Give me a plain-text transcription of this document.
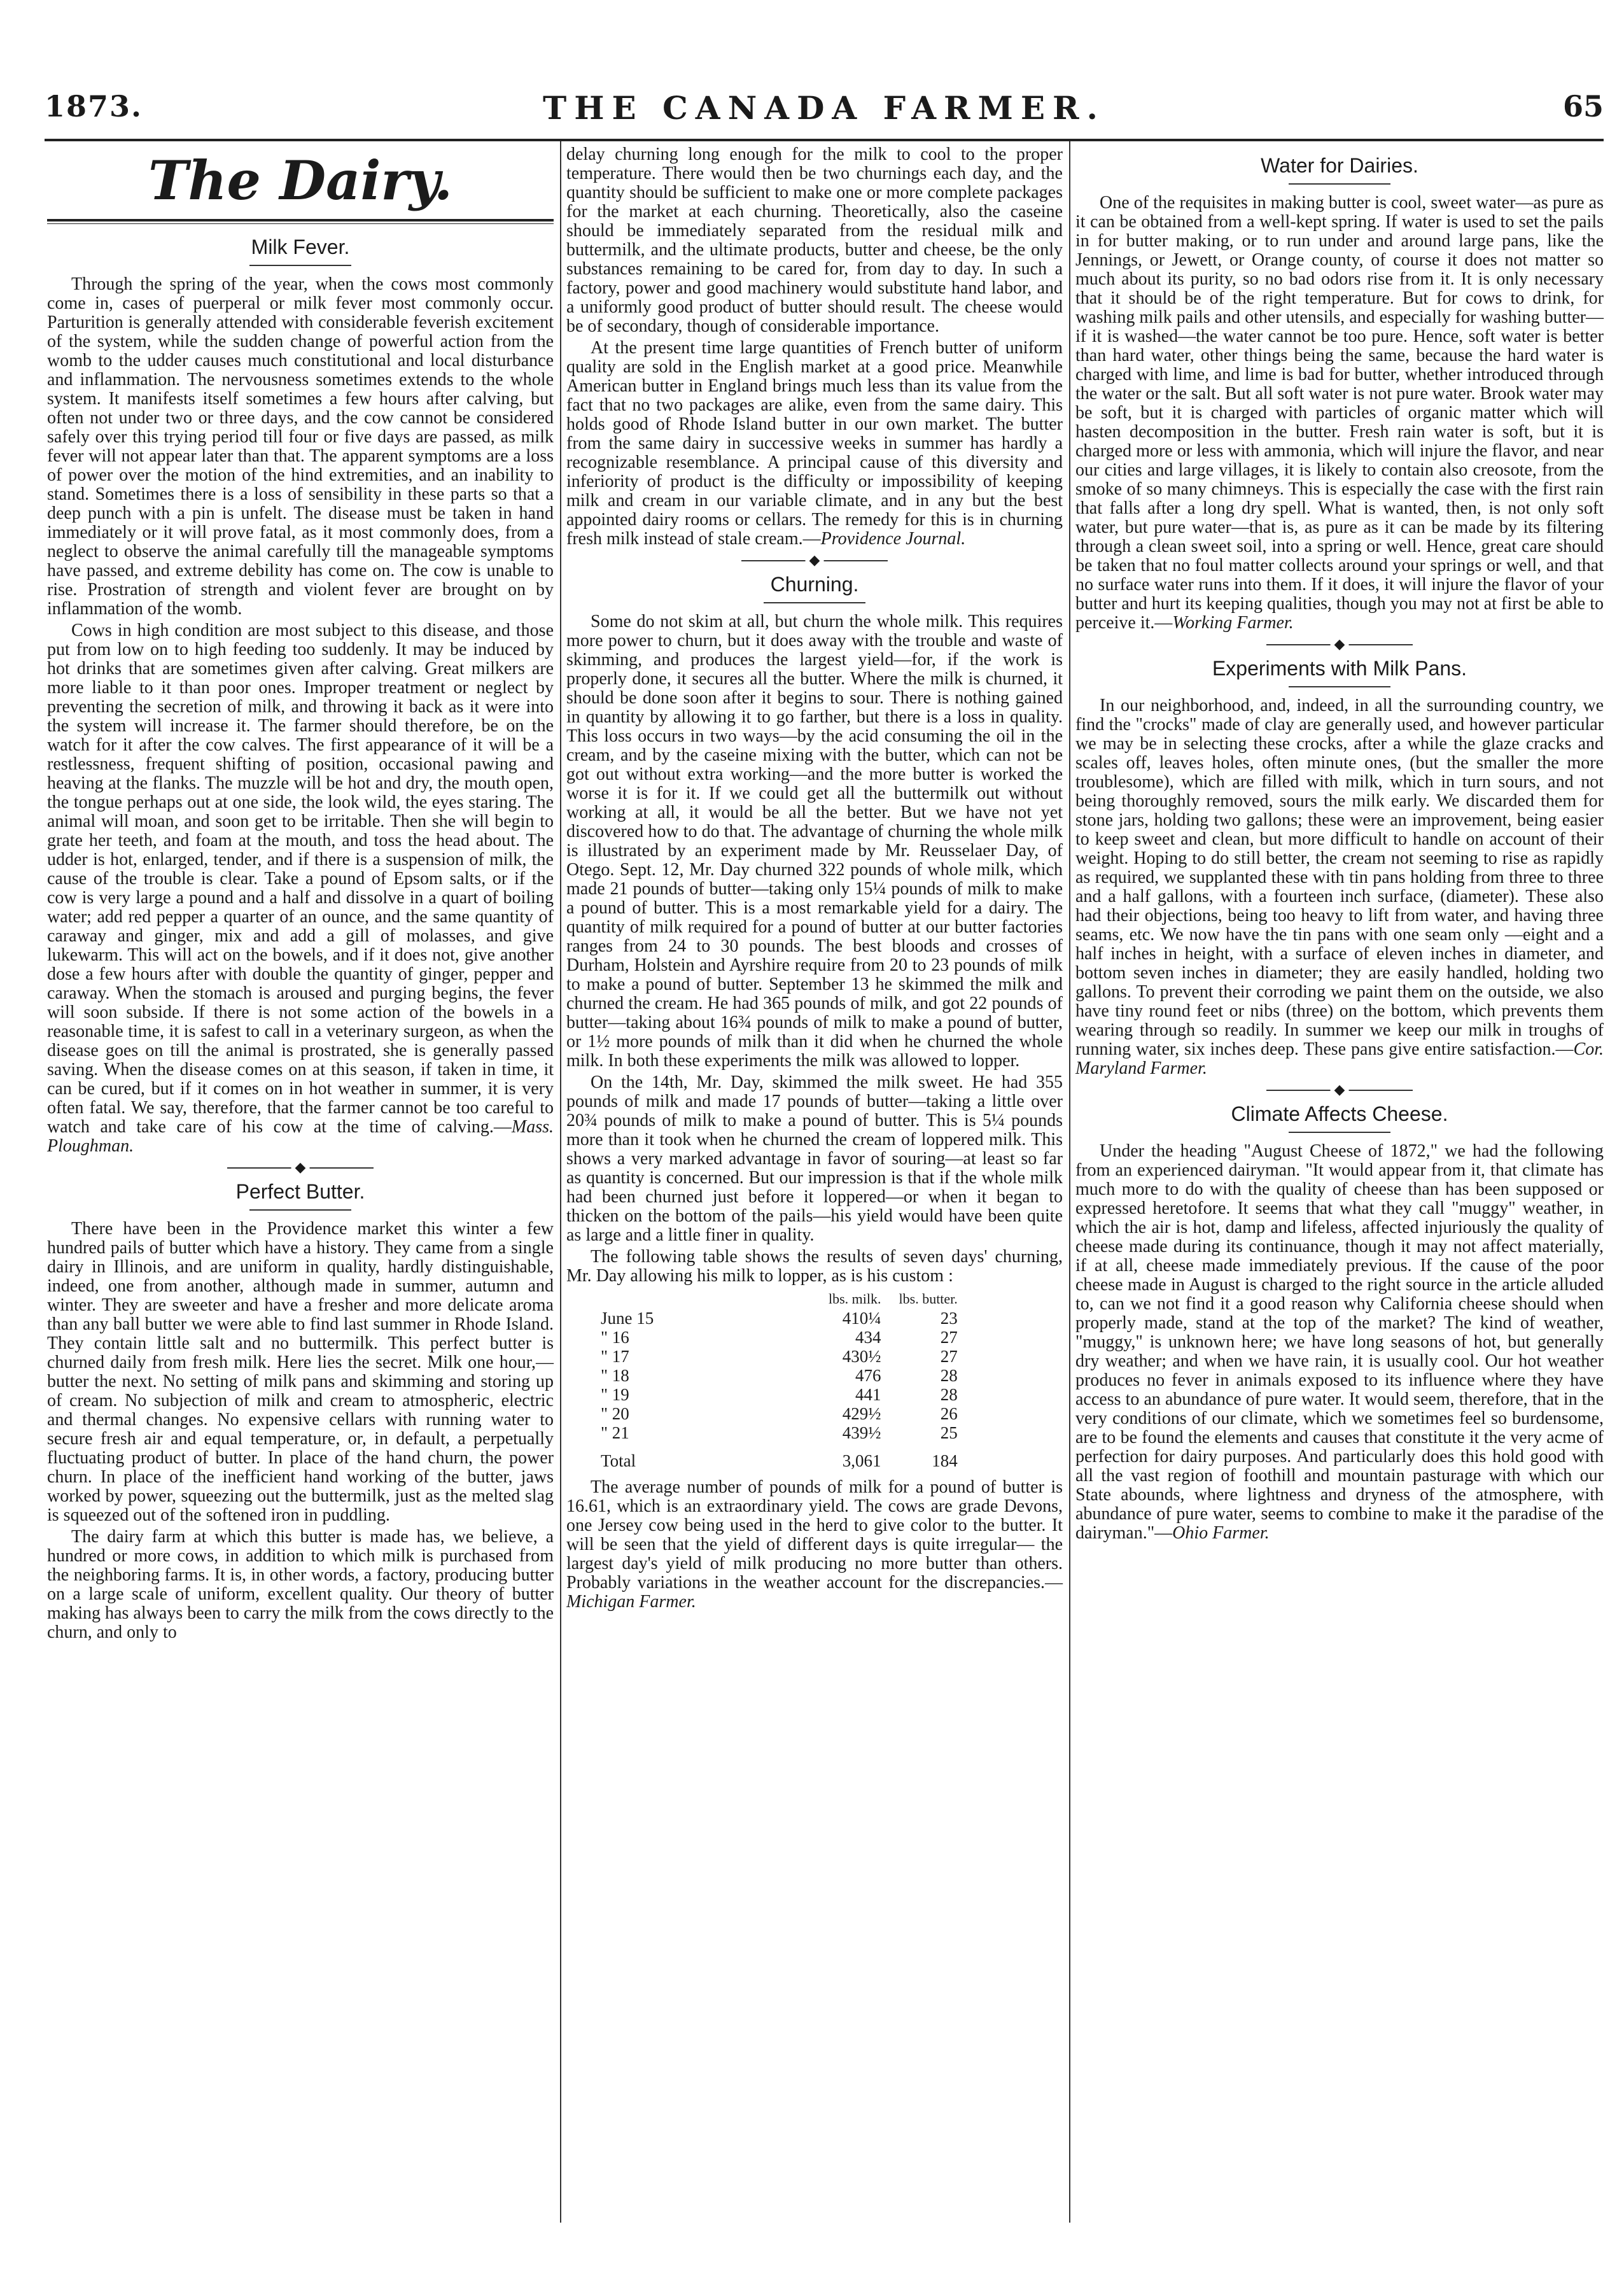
THE CANADA FARMER.
1873.	65
The Dairy.
Milk Fever.

Through the spring of the year, when the cows most commonly come in, cases of puerperal or milk fever most commonly occur. Parturition is generally attended with considerable feverish excitement of the system, while the sudden change of powerful action from the womb to the udder causes much constitutional and local disturbance and inflammation. The nervousness sometimes extends to the whole system. It manifests itself sometimes a few hours after calving, but often not under two or three days, and the cow cannot be considered safely over this trying period till four or five days are passed, as milk fever will not appear later than that. The apparent symptoms are a loss of power over the motion of the hind extremities, and an inability to stand. Sometimes there is a loss of sensibility in these parts so that a deep punch with a pin is unfelt. The disease must be taken in hand immediately or it will prove fatal, as it most commonly does, from a neglect to observe the animal carefully till the manageable symptoms have passed, and extreme debility has come on. The cow is unable to rise. Prostration of strength and violent fever are brought on by inflammation of the womb.

Cows in high condition are most subject to this disease, and those put from low on to high feeding too suddenly. It may be induced by hot drinks that are sometimes given after calving. Great milkers are more liable to it than poor ones. Improper treatment or neglect by preventing the secretion of milk, and throwing it back as it were into the system will increase it. The farmer should therefore, be on the watch for it after the cow calves. The first appearance of it will be a restlessness, frequent shifting of position, occasional pawing and heaving at the flanks. The muzzle will be hot and dry, the mouth open, the tongue perhaps out at one side, the look wild, the eyes staring. The animal will moan, and soon get to be irritable. Then she will begin to grate her teeth, and foam at the mouth, and toss the head about. The udder is hot, enlarged, tender, and if there is a suspension of milk, the cause of the trouble is clear. Take a pound of Epsom salts, or if the cow is very large a pound and a half and dissolve in a quart of boiling water; add red pepper a quarter of an ounce, and the same quantity of caraway and ginger, mix and add a gill of molasses, and give lukewarm. This will act on the bowels, and if it does not, give another dose a few hours after with double the quantity of ginger, pepper and caraway. When the stomach is aroused and purging begins, the fever will soon subside. If there is not some action of the bowels in a reasonable time, it is safest to call in a veterinary surgeon, as when the disease goes on till the animal is prostrated, she is generally passed saving. When the disease comes on at this season, if taken in time, it can be cured, but if it comes on in hot weather in summer, it is very often fatal. We say, therefore, that the farmer cannot be too careful to watch and take care of his cow at the time of calving.—Mass. Ploughman.

◆
Perfect Butter.

There have been in the Providence market this winter a few hundred pails of butter which have a history. They came from a single dairy in Illinois, and are uniform in quality, hardly distinguishable, indeed, one from another, although made in summer, autumn and winter. They are sweeter and have a fresher and more delicate aroma than any ball butter we were able to find last summer in Rhode Island. They contain little salt and no buttermilk. This perfect butter is churned daily from fresh milk. Here lies the secret. Milk one hour,—butter the next. No setting of milk pans and skimming and storing up of cream. No subjection of milk and cream to atmospheric, electric and thermal changes. No expensive cellars with running water to secure fresh air and equal temperature, or, in default, a perpetually fluctuating product of butter. In place of the hand churn, the power churn. In place of the inefficient hand working of the butter, jaws worked by power, squeezing out the buttermilk, just as the melted slag is squeezed out of the softened iron in puddling.

The dairy farm at which this butter is made has, we believe, a hundred or more cows, in addition to which milk is purchased from the neighboring farms. It is, in other words, a factory, producing butter on a large scale of uniform, excellent quality. Our theory of butter making has always been to carry the milk from the cows directly to the churn, and only to

delay churning long enough for the milk to cool to the proper temperature. There would then be two churnings each day, and the quantity should be sufficient to make one or more complete packages for the market at each churning. Theoretically, also the caseine should be immediately separated from the residual milk and buttermilk, and the ultimate products, butter and cheese, be the only substances remaining to be cared for, from day to day. In such a factory, power and good machinery would substitute hand labor, and a uniformly good product of butter should result. The cheese would be of secondary, though of considerable importance.

At the present time large quantities of French butter of uniform quality are sold in the English market at a good price. Meanwhile American butter in England brings much less than its value from the fact that no two packages are alike, even from the same dairy. This holds good of Rhode Island butter in our own market. The butter from the same dairy in successive weeks in summer has hardly a recognizable resemblance. A principal cause of this diversity and inferiority of product is the difficulty or impossibility of keeping milk and cream in our variable climate, and in any but the best appointed dairy rooms or cellars. The remedy for this is in churning fresh milk instead of stale cream.—Providence Journal.

◆
Churning.

Some do not skim at all, but churn the whole milk. This requires more power to churn, but it does away with the trouble and waste of skimming, and produces the largest yield—for, if the work is properly done, it secures all the butter. Where the milk is churned, it should be done soon after it begins to sour. There is nothing gained in quantity by allowing it to go farther, but there is a loss in quality. This loss occurs in two ways—by the acid consuming the oil in the cream, and by the caseine mixing with the butter, which can not be got out without extra working—and the more butter is worked the worse it is for it. If we could get all the buttermilk out without working at all, it would be all the better. But we have not yet discovered how to do that. The advantage of churning the whole milk is illustrated by an experiment made by Mr. Reusselaer Day, of Otego. Sept. 12, Mr. Day churned 322 pounds of whole milk, which made 21 pounds of butter—taking only 15¼ pounds of milk to make a pound of butter. This is a most remarkable yield for a dairy. The quantity of milk required for a pound of butter at our butter factories ranges from 24 to 30 pounds. The best bloods and crosses of Durham, Holstein and Ayrshire require from 20 to 23 pounds of milk to make a pound of butter. September 13 he skimmed the milk and churned the cream. He had 365 pounds of milk, and got 22 pounds of butter—taking about 16¾ pounds of milk to make a pound of butter, or 1½ more pounds of milk than it did when he churned the whole milk. In both these experiments the milk was allowed to lopper.

On the 14th, Mr. Day, skimmed the milk sweet. He had 355 pounds of milk and made 17 pounds of butter—taking a little over 20¾ pounds of milk to make a pound of butter. This is 5¼ pounds more than it took when he churned the cream of loppered milk. This shows a very marked advantage in favor of souring—at least so far as quantity is concerned. But our impression is that if the whole milk had been churned just before it loppered—or when it began to thicken on the bottom of the pails—his yield would have been quite as large and a little finer in quality.

The following table shows the results of seven days' churning, Mr. Day allowing his milk to lopper, as is his custom :

	lbs. milk.	lbs. butter.
June 15	410¼	23
" 16	434	27
" 17	430½	27
" 18	476	28
" 19	441	28
" 20	429½	26
" 21	439½	25
Total	3,061	184

The average number of pounds of milk for a pound of butter is 16.61, which is an extraordinary yield. The cows are grade Devons, one Jersey cow being used in the herd to give color to the butter. It will be seen that the yield of different days is quite irregular— the largest day's yield of milk producing no more butter than others. Probably variations in the weather account for the discrepancies.—Michigan Farmer.

Water for Dairies.

One of the requisites in making butter is cool, sweet water—as pure as it can be obtained from a well-kept spring. If water is used to set the pails in for butter making, or to run under and around large pans, like the Jennings, or Jewett, or Orange county, of course it does not matter so much about its purity, so no bad odors rise from it. It is only necessary that it should be of the right temperature. But for cows to drink, for washing milk pails and other utensils, and especially for washing butter—if it is washed—the water cannot be too pure. Hence, soft water is better than hard water, other things being the same, because the hard water is charged with lime, and lime is bad for butter, whether introduced through the water or the salt. But all soft water is not pure water. Brook water may be soft, but it is charged with particles of organic matter which will hasten decomposition in the butter. Fresh rain water is soft, but it is charged more or less with ammonia, which will injure the flavor, and near our cities and large villages, it is likely to contain also creosote, from the smoke of so many chimneys. This is especially the case with the first rain that falls after a long dry spell. What is wanted, then, is not only soft water, but pure water—that is, as pure as it can be made by its filtering through a clean sweet soil, into a spring or well. Hence, great care should be taken that no foul matter collects around your springs or well, and that no surface water runs into them. If it does, it will injure the flavor of your butter and hurt its keeping qualities, though you may not at first be able to perceive it.—Working Farmer.

◆
Experiments with Milk Pans.

In our neighborhood, and, indeed, in all the surrounding country, we find the "crocks" made of clay are generally used, and however particular we may be in selecting these crocks, after a while the glaze cracks and scales off, leaves holes, often minute ones, (but the smaller the more troublesome), which are filled with milk, which in turn sours, and not being thoroughly removed, sours the milk early. We discarded them for stone jars, holding two gallons; these were an improvement, being easier to keep sweet and clean, but more difficult to handle on account of their weight. Hoping to do still better, the cream not seeming to rise as rapidly as required, we supplanted these with tin pans holding from three to three and a half gallons, with a fourteen inch surface, (diameter). These also had their objections, being too heavy to lift from water, and having three seams, etc. We now have the tin pans with one seam only —eight and a half inches in height, with a surface of eleven inches in diameter, and bottom seven inches in diameter; they are easily handled, holding two gallons. To prevent their corroding we paint them on the outside, we also have tiny round feet or nibs (three) on the bottom, which prevents them wearing through so readily. In summer we keep our milk in troughs of running water, six inches deep. These pans give entire satisfaction.—Cor. Maryland Farmer.

◆
Climate Affects Cheese.

Under the heading "August Cheese of 1872," we had the following from an experienced dairyman. "It would appear from it, that climate has much more to do with the quality of cheese than has been supposed or expressed heretofore. It seems that what they call "muggy" weather, in which the air is hot, damp and lifeless, affected injuriously the quality of cheese made during its continuance, though it may not affect materially, if at all, cheese made immediately previous. If the cause of the poor cheese made in August is charged to the right source in the article alluded to, can we not find it a good reason why California cheese should when properly made, stand at the top of the market? The kind of weather, "muggy," is unknown here; we have long seasons of hot, but generally dry weather; and when we have rain, it is usually cool. Our hot weather produces no fever in animals exposed to its influence where they have access to an abundance of pure water. It would seem, therefore, that in the very conditions of our climate, which we sometimes feel so burdensome, are to be found the elements and causes that constitute it the very acme of perfection for dairy purposes. And particularly does this hold good with all the vast region of foothill and mountain pasturage with which our State abounds, where lightness and dryness of the atmosphere, with abundance of pure water, seems to combine to make it the paradise of the dairyman."—Ohio Farmer.
